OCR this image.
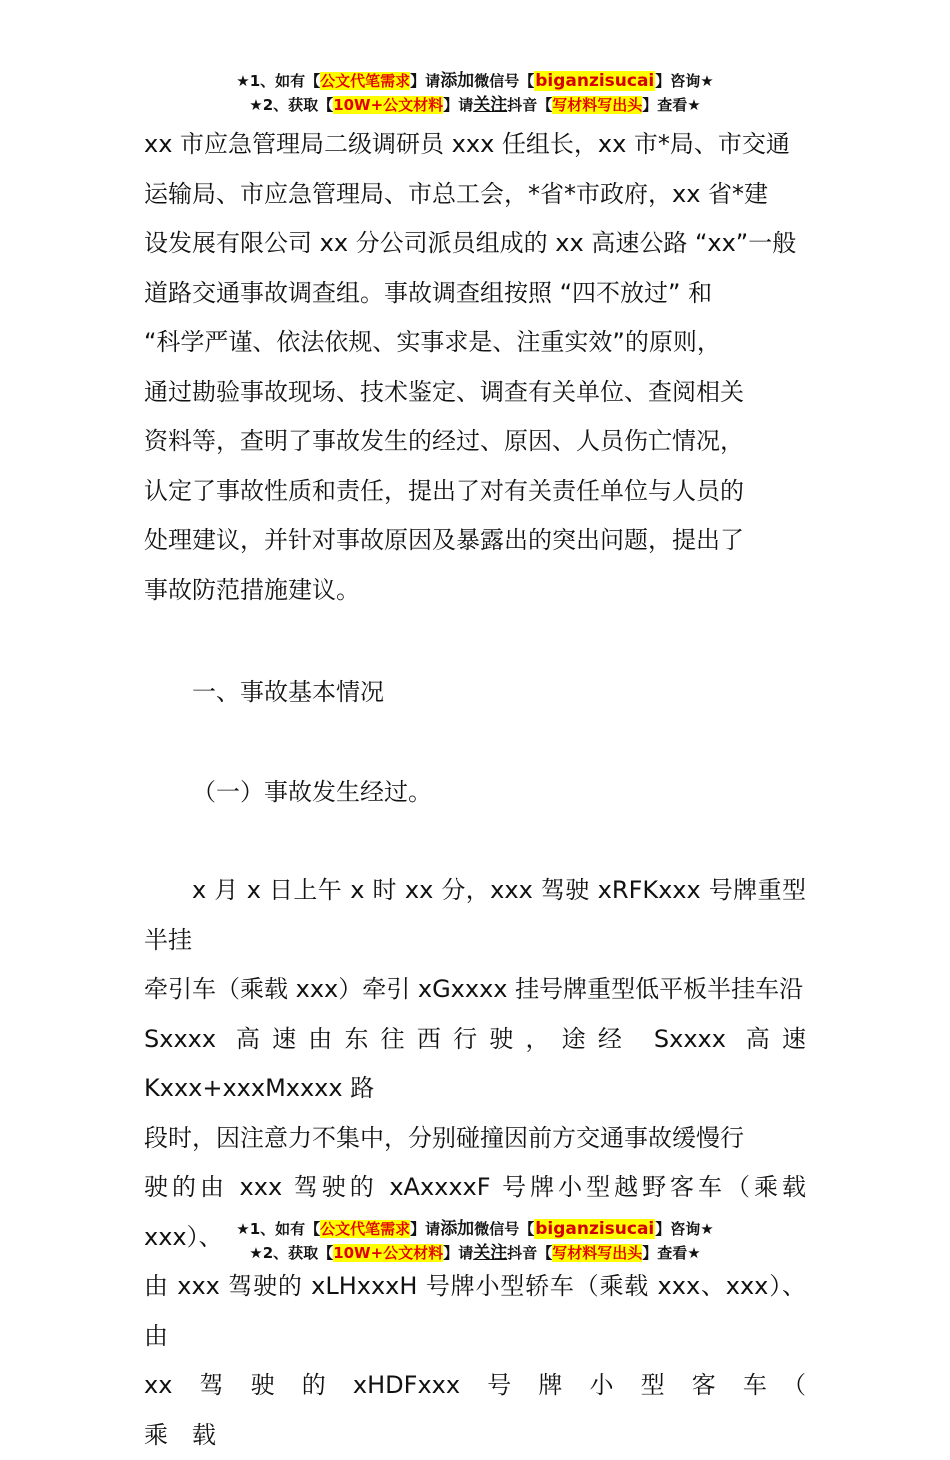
★1、如有【公文代笔需求】请添加微信号【biganzisucai】咨询★
★2、获取【10W+公文材料】请关注抖音【写材料写出头】查看★

xx 市应急管理局二级调研员 xxx 任组长，xx 市*局、市交通

运输局、市应急管理局、市总工会，*省*市政府，xx 省*建

设发展有限公司 xx 分公司派员组成的 xx 高速公路 “xx”一般

道路交通事故调查组。事故调查组按照 “四不放过” 和

“科学严谨、依法依规、实事求是、注重实效”的原则，

通过勘验事故现场、技术鉴定、调查有关单位、查阅相关

资料等，查明了事故发生的经过、原因、人员伤亡情况，

认定了事故性质和责任，提出了对有关责任单位与人员的

处理建议，并针对事故原因及暴露出的突出问题，提出了

事故防范措施建议。

一、事故基本情况
（一）事故发生经过。

x 月 x 日上午 x 时 xx 分，xxx 驾驶 xRFKxxx 号牌重型半挂

牵引车（乘载 xxx）牵引 xGxxxx 挂号牌重型低平板半挂车沿

Sxxxx 高速由东往西行驶，途经 Sxxxx 高速 Kxxx+xxxMxxxx 路

段时，因注意力不集中，分别碰撞因前方交通事故缓慢行

驶的由 xxx 驾驶的 xAxxxxF 号牌小型越野客车（乘载 xxx）、

由 xxx 驾驶的 xLHxxxH 号牌小型轿车（乘载 xxx、xxx）、由

xx　驾　驶　的　xHDFxxx　号　牌　小　型　客　车　（　乘　载

★1、如有【公文代笔需求】请添加微信号【biganzisucai】咨询★
★2、获取【10W+公文材料】请关注抖音【写材料写出头】查看★
